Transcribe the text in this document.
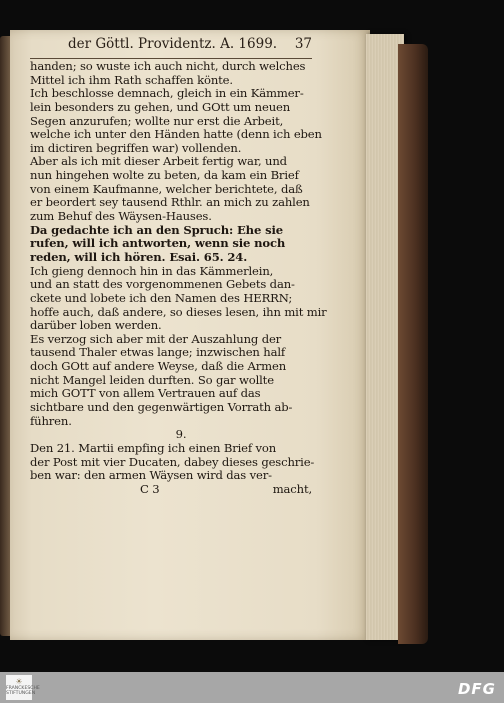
der Göttl. Providentz. A. 1699. 37
handen; so wuste ich auch nicht, durch welches
Mittel ich ihm Rath schaffen könte.
Ich beschlosse demnach, gleich in ein Kämmer-
lein besonders zu gehen, und GOtt um neuen
Segen anzurufen; wollte nur erst die Arbeit,
welche ich unter den Händen hatte (denn ich eben
im dictiren begriffen war) vollenden.
Aber als ich mit dieser Arbeit fertig war, und
nun hingehen wolte zu beten, da kam ein Brief
von einem Kaufmanne, welcher berichtete, daß
er beordert sey tausend Rthlr. an mich zu zahlen
zum Behuf des Wäysen-Hauses.
Da gedachte ich an den Spruch: Ehe sie
rufen, will ich antworten, wenn sie noch
reden, will ich hören. Esai. 65. 24.
Ich gieng dennoch hin in das Kämmerlein,
und an statt des vorgenommenen Gebets dan-
ckete und lobete ich den Namen des HERRN;
hoffe auch, daß andere, so dieses lesen, ihn mit mir
darüber loben werden.
Es verzog sich aber mit der Auszahlung der
tausend Thaler etwas lange; inzwischen half
doch GOtt auf andere Weyse, daß die Armen
nicht Mangel leiden durften. So gar wollte
mich GOTT von allem Vertrauen auf das
sichtbare und den gegenwärtigen Vorrath ab-
führen.
9.
Den 21. Martii empfing ich einen Brief von
der Post mit vier Ducaten, dabey dieses geschrie-
ben war: den armen Wäysen wird das ver-
C 3	macht,
☀
FRANCKESCHE STIFTUNGEN	DFG
